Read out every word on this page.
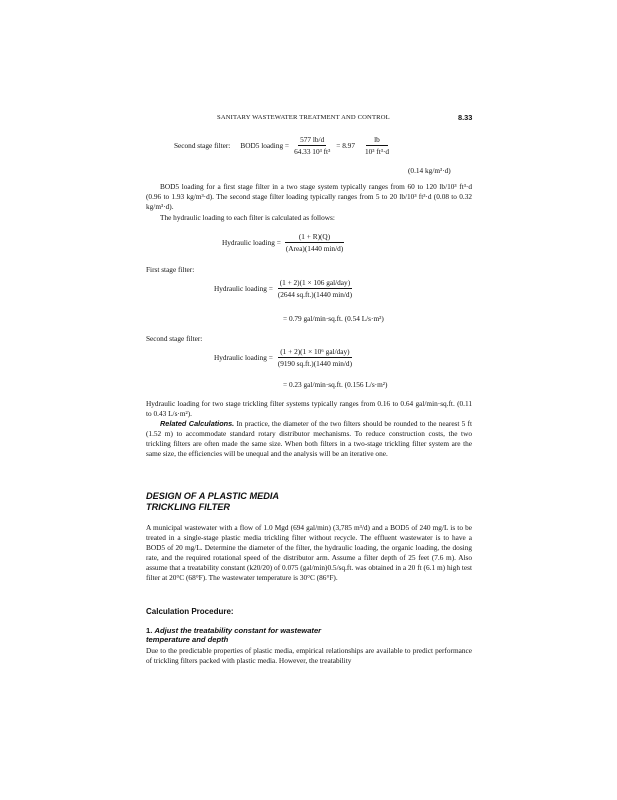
SANITARY WASTEWATER TREATMENT AND CONTROL	8.33
Second stage filter: BOD5 loading = $\frac{577 lb/d}{\text{64.33 10³ ft³}} = 8.97 \frac{lb}{\text{10³ ft³·d}}$
(0.14 kg/m³·d)
BOD5 loading for a first stage filter in a two stage system typically ranges from 60 to 120 lb/10³ ft³·d (0.96 to 1.93 kg/m³·d). The second stage filter loading typically ranges from 5 to 20 lb/10³ ft³·d (0.08 to 0.32 kg/m³·d).
The hydraulic loading to each filter is calculated as follows:
Hydraulic loading = $\frac{(1 + R)(Q)}{\text{(Area)(1440 min/d)}}$
First stage filter:
Hydraulic loading = $\frac{\text{(1 + 2)(1 × 106 gal/day)}}{(2644 sq.ft.)(1440 \min/d)}$
= 0.79 gal/min·sq.ft. (0.54 L/s·m²)
Second stage filter:
Hydraulic loading = $\frac{\text{(1 + 2)(1 × 10⁶ gal/day)}}{(9190 sq.ft.)(1440 \min/d)}$
= 0.23 gal/min·sq.ft. (0.156 L/s·m²)
Hydraulic loading for two stage trickling filter systems typically ranges from 0.16 to 0.64 gal/min·sq.ft. (0.11 to 0.43 L/s·m²).
Related Calculations. In practice, the diameter of the two filters should be rounded to the nearest 5 ft (1.52 m) to accommodate standard rotary distributor mechanisms. To reduce construction costs, the two trickling filters are often made the same size. When both filters in a two-stage trickling filter system are the same size, the efficiencies will be unequal and the analysis will be an iterative one.
DESIGN OF A PLASTIC MEDIA
TRICKLING FILTER
A municipal wastewater with a flow of 1.0 Mgd (694 gal/min) (3,785 m³/d) and a BOD5 of 240 mg/L is to be treated in a single-stage plastic media trickling filter without recycle. The effluent wastewater is to have a BOD5 of 20 mg/L. Determine the diameter of the filter, the hydraulic loading, the organic loading, the dosing rate, and the required rotational speed of the distributor arm. Assume a filter depth of 25 feet (7.6 m). Also assume that a treatability constant (k20/20) of 0.075 (gal/min)0.5/sq.ft. was obtained in a 20 ft (6.1 m) high test filter at 20°C (68°F). The wastewater temperature is 30°C (86°F).
Calculation Procedure:
1. Adjust the treatability constant for wastewater
temperature and depth
Due to the predictable properties of plastic media, empirical relationships are available to predict performance of trickling filters packed with plastic media. However, the treatability
